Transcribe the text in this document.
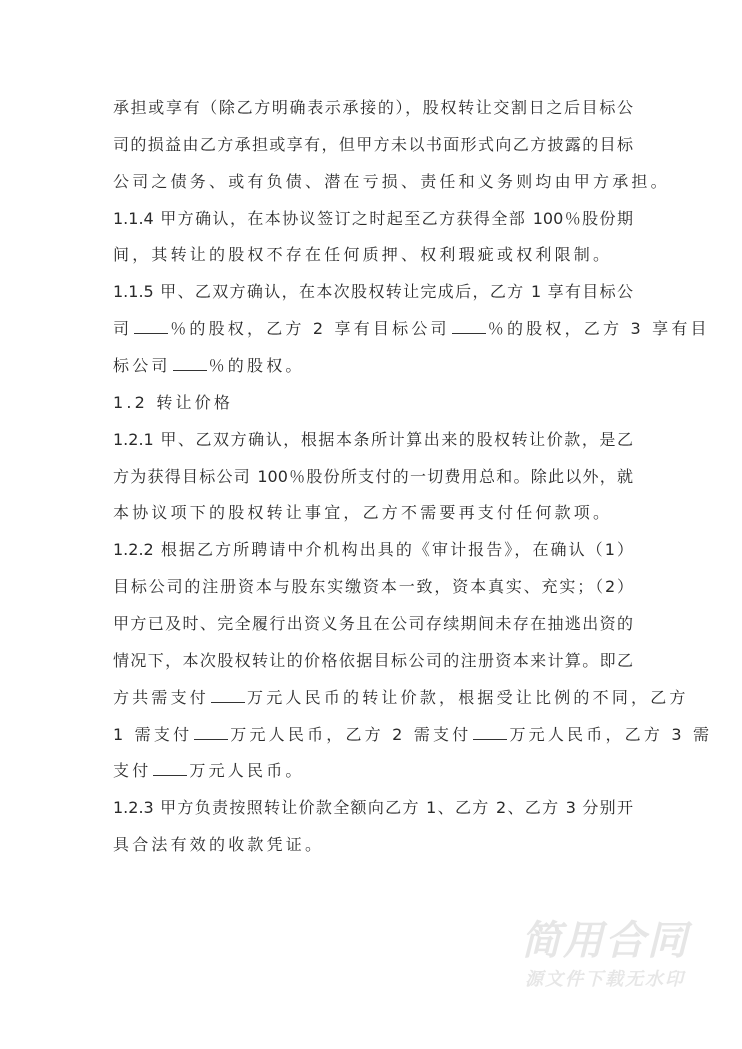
承担或享有（除乙方明确表示承接的），股权转让交割日之后目标公
司的损益由乙方承担或享有，但甲方未以书面形式向乙方披露的目标
公司之债务、或有负债、潜在亏损、责任和义务则均由甲方承担。
1.1.4 甲方确认，在本协议签订之时起至乙方获得全部 100％股份期
间，其转让的股权不存在任何质押、权利瑕疵或权利限制。
1.1.5 甲、乙双方确认，在本次股权转让完成后，乙方 1 享有目标公
司 ％的股权，乙方 2 享有目标公司 ％的股权，乙方 3 享有目
标公司 ％的股权。
1.2 转让价格
1.2.1 甲、乙双方确认，根据本条所计算出来的股权转让价款，是乙
方为获得目标公司 100％股份所支付的一切费用总和。除此以外，就
本协议项下的股权转让事宜，乙方不需要再支付任何款项。
1.2.2 根据乙方所聘请中介机构出具的《审计报告》，在确认（1）
目标公司的注册资本与股东实缴资本一致，资本真实、充实；（2）
甲方已及时、完全履行出资义务且在公司存续期间未存在抽逃出资的
情况下，本次股权转让的价格依据目标公司的注册资本来计算。即乙
方共需支付 万元人民币的转让价款，根据受让比例的不同，乙方
1 需支付 万元人民币，乙方 2 需支付 万元人民币，乙方 3 需
支付 万元人民币。
1.2.3 甲方负责按照转让价款全额向乙方 1、乙方 2、乙方 3 分别开
具合法有效的收款凭证。
简用合同
源文件下载无水印
